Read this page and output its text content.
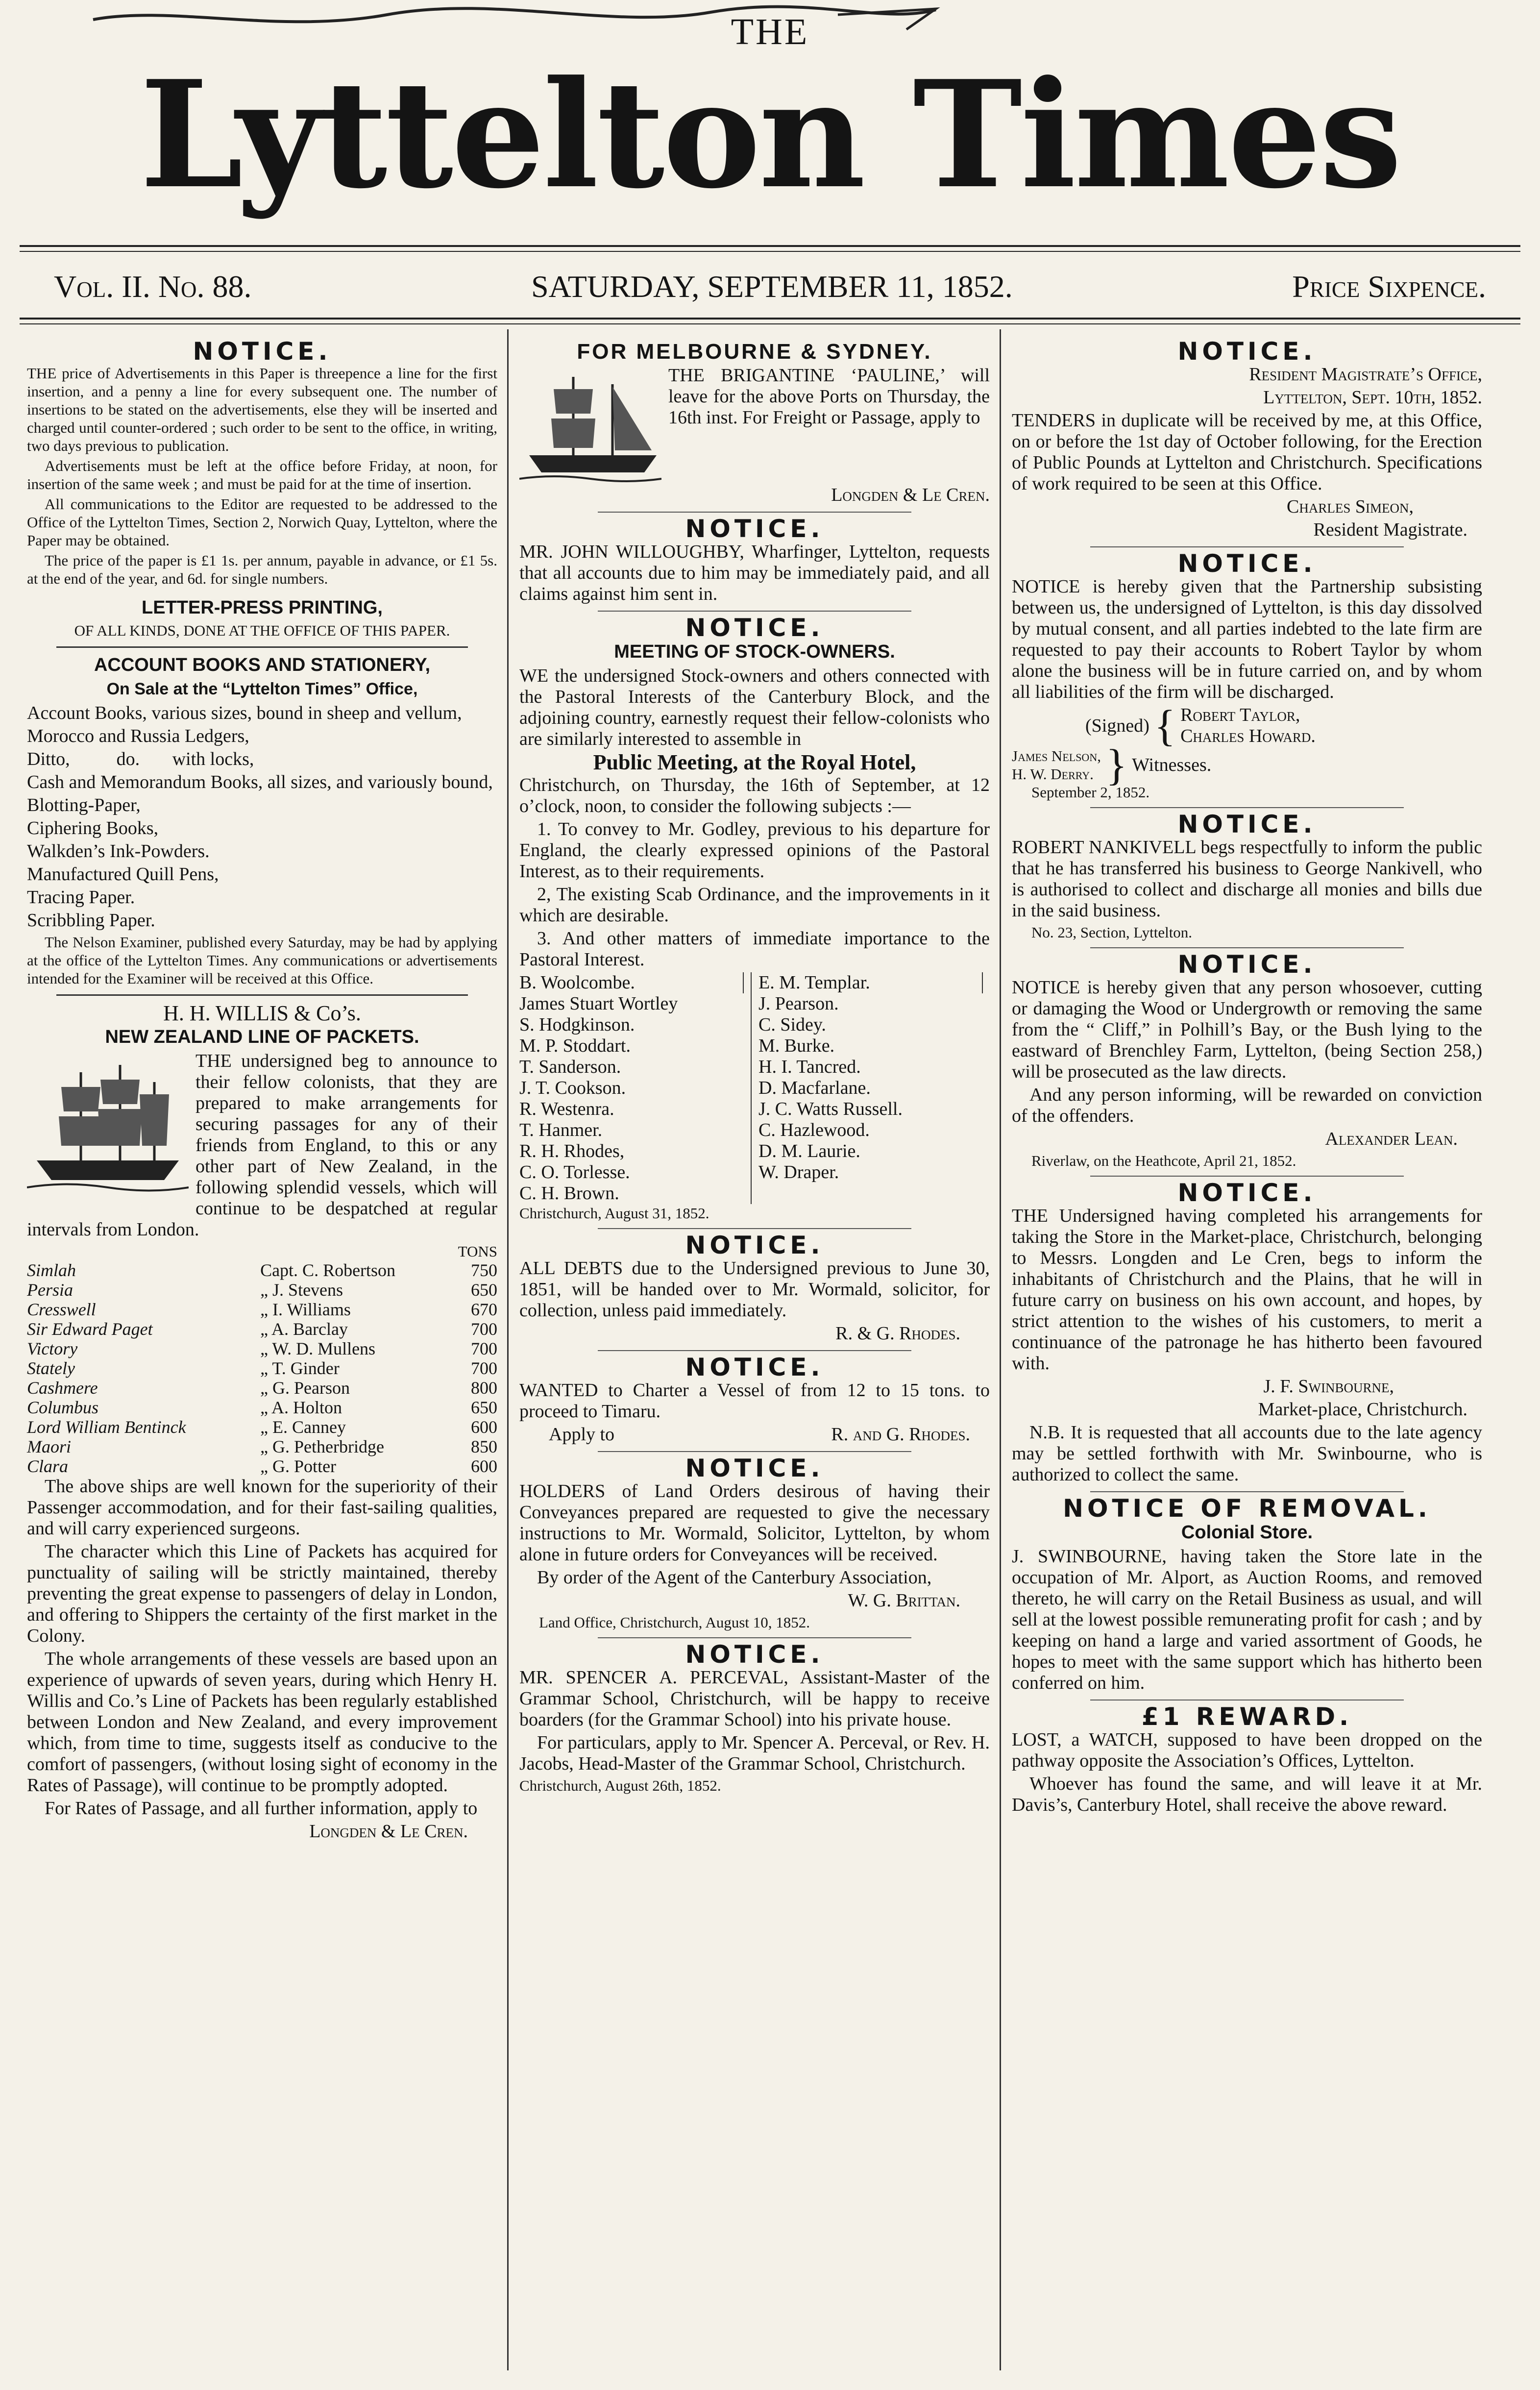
THE
Lyttelton Times
Vol. II. No. 88.	SATURDAY, SEPTEMBER 11, 1852.	Price Sixpence.
NOTICE.

THE price of Advertisements in this Paper is threepence a line for the first insertion, and a penny a line for every subsequent one. The number of insertions to be stated on the advertisements, else they will be inserted and charged until counter-ordered ; such order to be sent to the office, in writing, two days previous to publication.

Advertisements must be left at the office before Friday, at noon, for insertion of the same week ; and must be paid for at the time of insertion.

All communications to the Editor are requested to be addressed to the Office of the Lyttelton Times, Section 2, Norwich Quay, Lyttelton, where the Paper may be obtained.

The price of the paper is £1 1s. per annum, payable in advance, or £1 5s. at the end of the year, and 6d. for single numbers.

LETTER-PRESS PRINTING,

OF ALL KINDS, DONE AT THE OFFICE OF THIS PAPER.

ACCOUNT BOOKS AND STATIONERY,
On Sale at the “Lyttelton Times” Office,

Account Books, various sizes, bound in sheep and vellum,

Morocco and Russia Ledgers,

Ditto,          do.       with locks,

Cash and Memorandum Books, all sizes, and variously bound,

Blotting-Paper,

Ciphering Books,

Walkden’s Ink-Powders.

Manufactured Quill Pens,

Tracing Paper.

Scribbling Paper.

The Nelson Examiner, published every Saturday, may be had by applying at the office of the Lyttelton Times. Any communications or advertisements intended for the Examiner will be received at this Office.

H. H. WILLIS & Co’s.
NEW ZEALAND LINE OF PACKETS.

THE undersigned beg to announce to their fellow colonists, that they are prepared to make arrangements for securing passages for any of their friends from England, to this or any other part of New Zealand, in the following splendid vessels, which will continue to be despatched at regular intervals from London.

TONS
Simlah	Capt. C. Robertson	750
Persia	„ J. Stevens	650
Cresswell	„ I. Williams	670
Sir Edward Paget	„ A. Barclay	700
Victory	„ W. D. Mullens	700
Stately	„ T. Ginder	700
Cashmere	„ G. Pearson	800
Columbus	„ A. Holton	650
Lord William Bentinck	„ E. Canney	600
Maori	„ G. Petherbridge	850
Clara	„ G. Potter	600

The above ships are well known for the superiority of their Passenger accommodation, and for their fast-sailing qualities, and will carry experienced surgeons.

The character which this Line of Packets has acquired for punctuality of sailing will be strictly maintained, thereby preventing the great expense to passengers of delay in London, and offering to Shippers the certainty of the first market in the Colony.

The whole arrangements of these vessels are based upon an experience of upwards of seven years, during which Henry H. Willis and Co.’s Line of Packets has been regularly established between London and New Zealand, and every improvement which, from time to time, suggests itself as conducive to the comfort of passengers, (without losing sight of economy in the Rates of Passage), will continue to be promptly adopted.

For Rates of Passage, and all further information, apply to

Longden & Le Cren.

FOR MELBOURNE & SYDNEY.

THE BRIGANTINE ‘PAULINE,’ will leave for the above Ports on Thursday, the 16th inst. For Freight or Passage, apply to

Longden & Le Cren.

NOTICE.

MR. JOHN WILLOUGHBY, Wharfinger, Lyttelton, requests that all accounts due to him may be immediately paid, and all claims against him sent in.

NOTICE.
MEETING OF STOCK-OWNERS.

WE the undersigned Stock-owners and others connected with the Pastoral Interests of the Canterbury Block, and the adjoining country, earnestly request their fellow-colonists who are similarly interested to assemble in

Public Meeting, at the Royal Hotel,

Christchurch, on Thursday, the 16th of September, at 12 o’clock, noon, to consider the following subjects :—

1. To convey to Mr. Godley, previous to his departure for England, the clearly expressed opinions of the Pastoral Interest, as to their requirements.

2, The existing Scab Ordinance, and the improvements in it which are desirable.

3. And other matters of immediate importance to the Pastoral Interest.

B. Woolcombe.
James Stuart Wortley
S. Hodgkinson.
M. P. Stoddart.
T. Sanderson.
J. T. Cookson.
R. Westenra.
T. Hanmer.
R. H. Rhodes,
C. O. Torlesse.
C. H. Brown.
E. M. Templar.
J. Pearson.
C. Sidey.
M. Burke.
H. I. Tancred.
D. Macfarlane.
J. C. Watts Russell.
C. Hazlewood.
D. M. Laurie.
W. Draper.

Christchurch, August 31, 1852.

NOTICE.

ALL DEBTS due to the Undersigned previous to June 30, 1851, will be handed over to Mr. Wormald, solicitor, for collection, unless paid immediately.

R. & G. Rhodes.

NOTICE.

WANTED to Charter a Vessel of from 12 to 15 tons. to proceed to Timaru.

Apply to	R. and G. Rhodes.

NOTICE.

HOLDERS of Land Orders desirous of having their Conveyances prepared are requested to give the necessary instructions to Mr. Wormald, Solicitor, Lyttelton, by whom alone in future orders for Conveyances will be received.

By order of the Agent of the Canterbury Association,

W. G. Brittan.

Land Office, Christchurch, August 10, 1852.

NOTICE.

MR. SPENCER A. PERCEVAL, Assistant-Master of the Grammar School, Christchurch, will be happy to receive boarders (for the Grammar School) into his private house.

For particulars, apply to Mr. Spencer A. Perceval, or Rev. H. Jacobs, Head-Master of the Grammar School, Christchurch.

Christchurch, August 26th, 1852.

NOTICE.

Resident Magistrate’s Office,

Lyttelton, Sept. 10th, 1852.

TENDERS in duplicate will be received by me, at this Office, on or before the 1st day of October following, for the Erection of Public Pounds at Lyttelton and Christchurch. Specifications of work required to be seen at this Office.

Charles Simeon,

Resident Magistrate.

NOTICE.

NOTICE is hereby given that the Partnership subsisting between us, the undersigned of Lyttelton, is this day dissolved by mutual consent, and all parties indebted to the late firm are requested to pay their accounts to Robert Taylor by whom alone the business will be in future carried on, and by whom all liabilities of the firm will be discharged.

(Signed) { Robert Taylor,
Charles Howard.
James Nelson,
H. W. Derry. } Witnesses.

September 2, 1852.

NOTICE.

ROBERT NANKIVELL begs respectfully to inform the public that he has transferred his business to George Nankivell, who is authorised to collect and discharge all monies and bills due in the said business.

No. 23, Section, Lyttelton.

NOTICE.

NOTICE is hereby given that any person whosoever, cutting or damaging the Wood or Undergrowth or removing the same from the “ Cliff,” in Polhill’s Bay, or the Bush lying to the eastward of Brenchley Farm, Lyttelton, (being Section 258,) will be prosecuted as the law directs.

And any person informing, will be rewarded on conviction of the offenders.

Alexander Lean.

Riverlaw, on the Heathcote, April 21, 1852.

NOTICE.

THE Undersigned having completed his arrangements for taking the Store in the Market-place, Christchurch, belonging to Messrs. Longden and Le Cren, begs to inform the inhabitants of Christchurch and the Plains, that he will in future carry on business on his own account, and hopes, by strict attention to the wishes of his customers, to merit a continuance of the patronage he has hitherto been favoured with.

J. F. Swinbourne,

Market-place, Christchurch.

N.B. It is requested that all accounts due to the late agency may be settled forthwith with Mr. Swinbourne, who is authorized to collect the same.

NOTICE OF REMOVAL.
Colonial Store.

J. SWINBOURNE, having taken the Store late in the occupation of Mr. Alport, as Auction Rooms, and removed thereto, he will carry on the Retail Business as usual, and will sell at the lowest possible remunerating profit for cash ; and by keeping on hand a large and varied assortment of Goods, he hopes to meet with the same support which has hitherto been conferred on him.

£1 REWARD.

LOST, a WATCH, supposed to have been dropped on the pathway opposite the Association’s Offices, Lyttelton.

Whoever has found the same, and will leave it at Mr. Davis’s, Canterbury Hotel, shall receive the above reward.
